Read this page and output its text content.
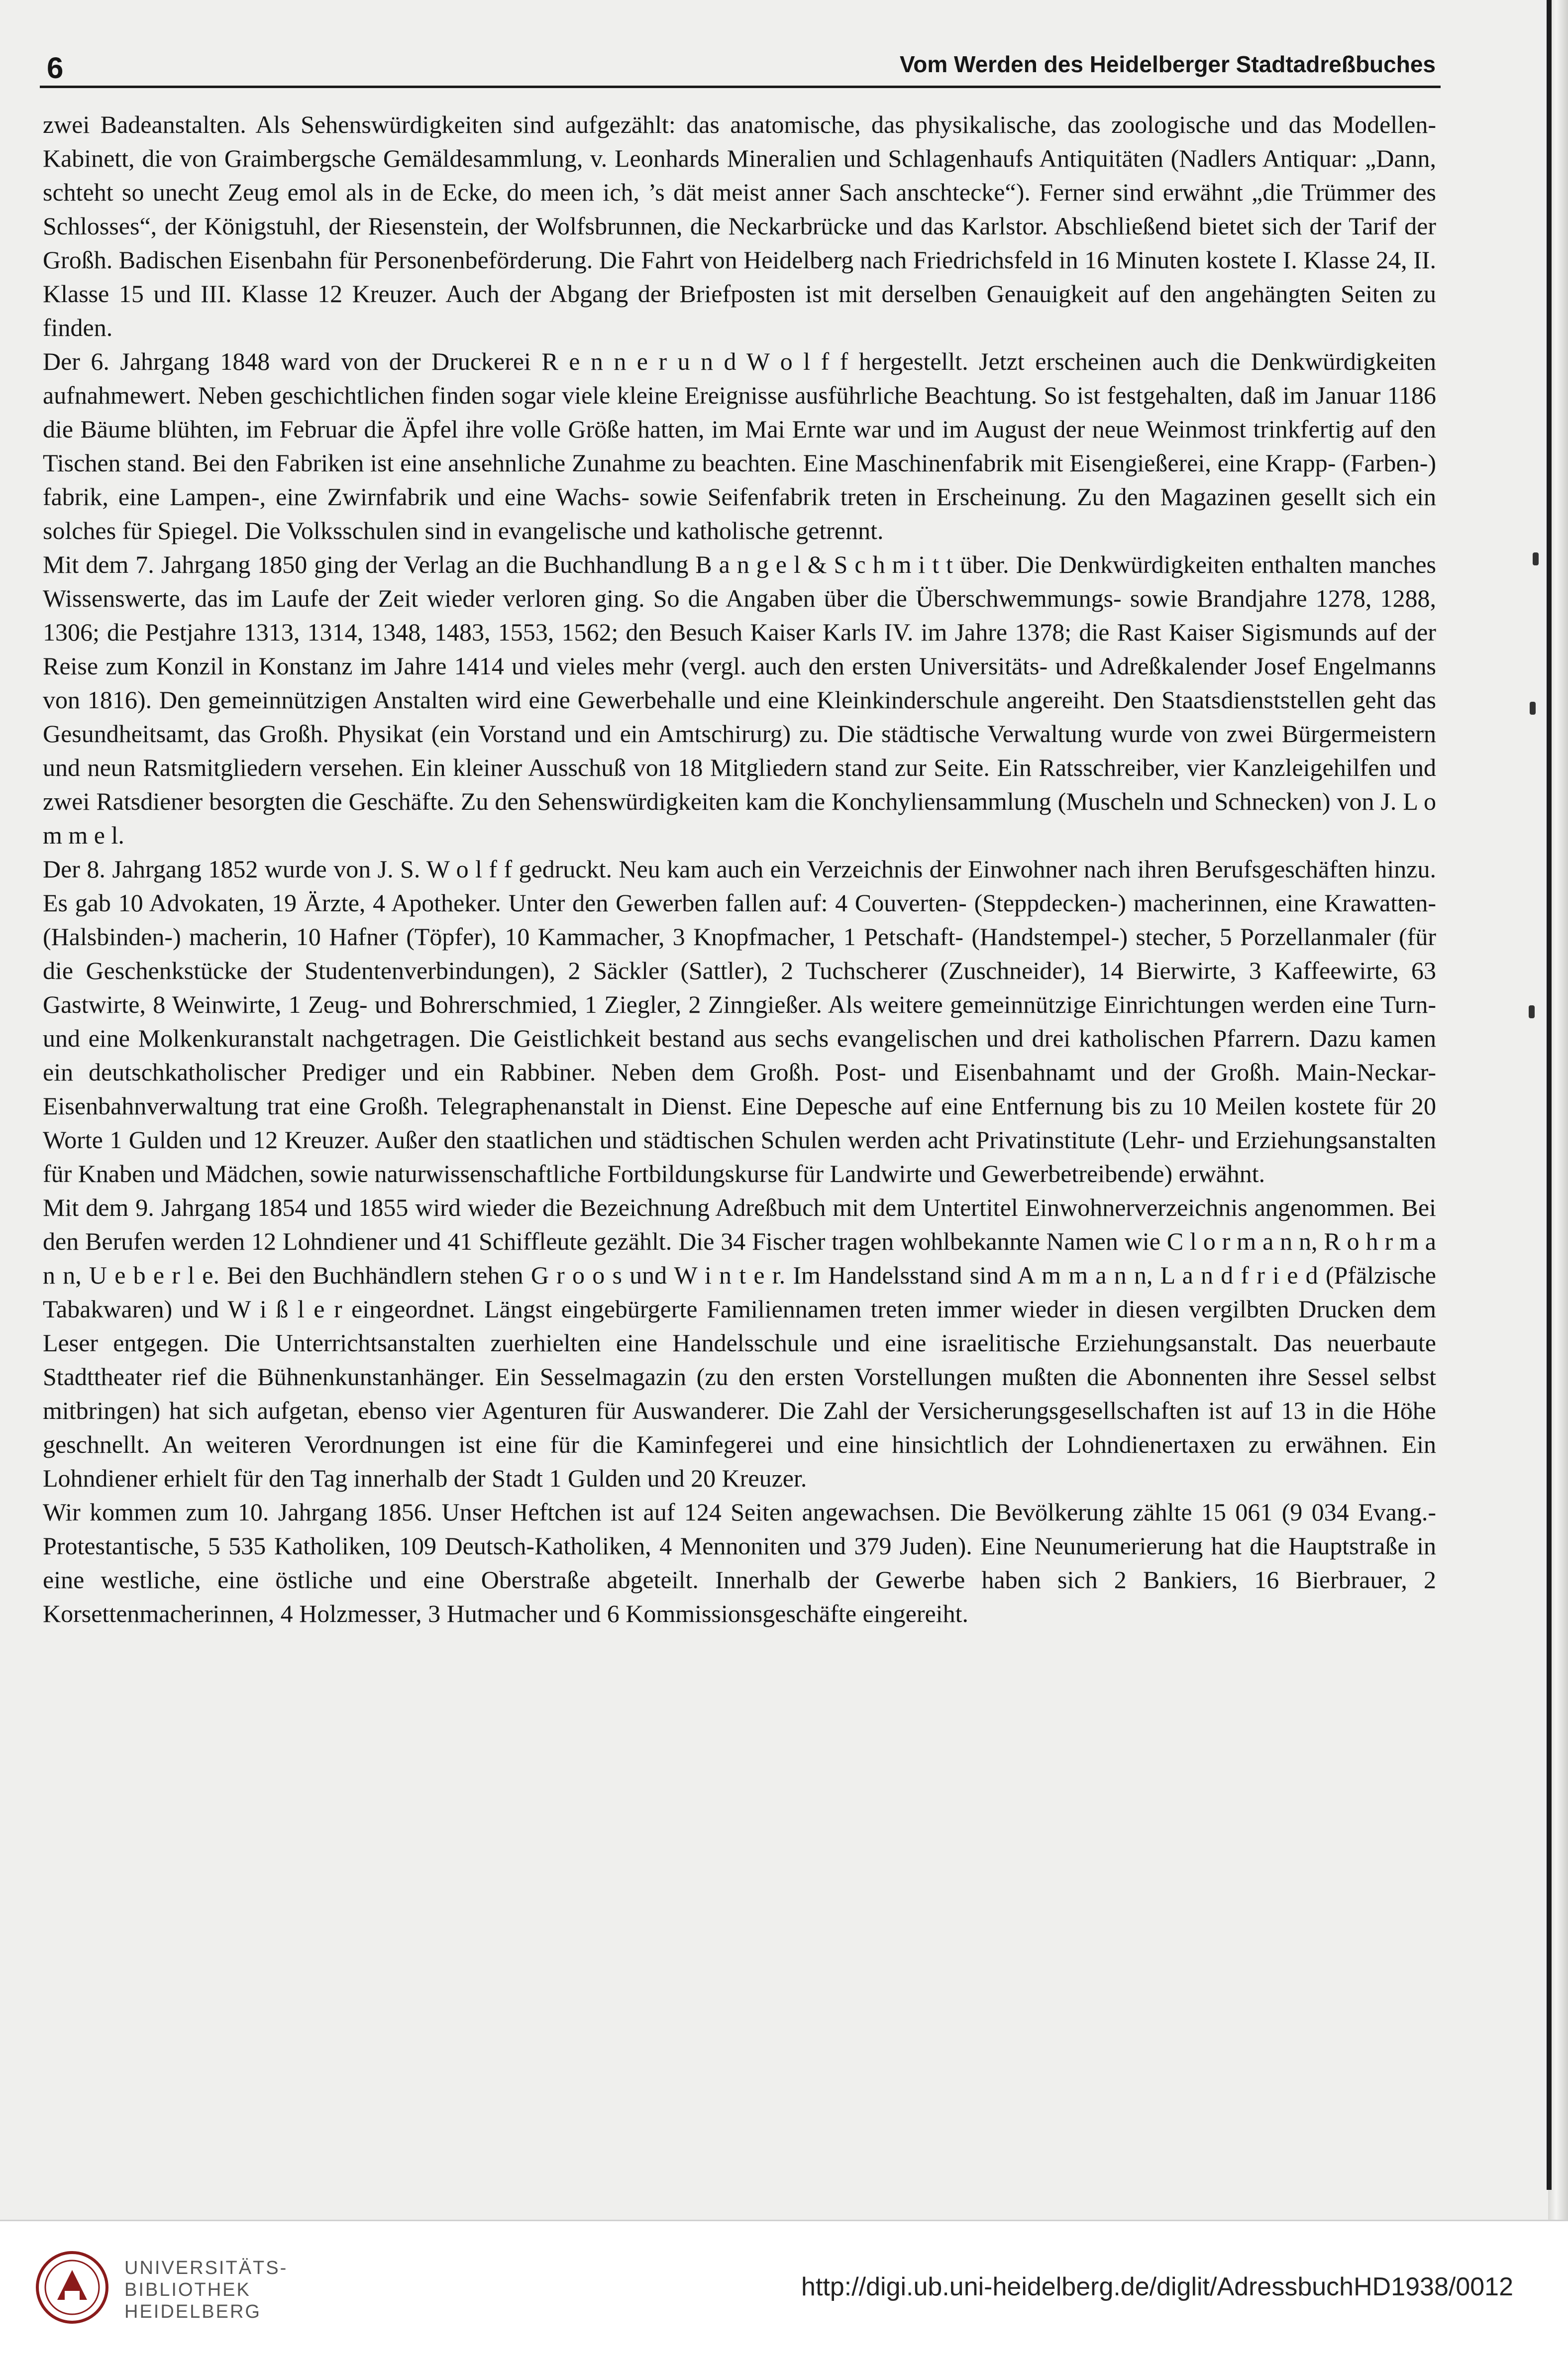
6	Vom Werden des Heidelberger Stadtadreßbuches

zwei Badeanstalten. Als Sehenswürdigkeiten sind aufgezählt: das anatomische, das physikalische, das zoologische und das Modellen-Kabinett, die von Graimbergsche Gemäldesammlung, v. Leonhards Mineralien und Schlagenhaufs Antiquitäten (Nadlers Antiquar: „Dann, schteht so unecht Zeug emol als in de Ecke, do meen ich, ’s dät meist anner Sach anschtecke“). Ferner sind erwähnt „die Trümmer des Schlosses“, der Königstuhl, der Riesenstein, der Wolfsbrunnen, die Neckarbrücke und das Karlstor. Abschließend bietet sich der Tarif der Großh. Badischen Eisenbahn für Personenbeförderung. Die Fahrt von Heidelberg nach Friedrichsfeld in 16 Minuten kostete I. Klasse 24, II. Klasse 15 und III. Klasse 12 Kreuzer. Auch der Abgang der Briefposten ist mit derselben Genauigkeit auf den angehängten Seiten zu finden.

Der 6. Jahrgang 1848 ward von der Druckerei R e n n e r u n d W o l f f hergestellt. Jetzt erscheinen auch die Denkwürdigkeiten aufnahmewert. Neben geschichtlichen finden sogar viele kleine Ereignisse ausführliche Beachtung. So ist festgehalten, daß im Januar 1186 die Bäume blühten, im Februar die Äpfel ihre volle Größe hatten, im Mai Ernte war und im August der neue Weinmost trinkfertig auf den Tischen stand. Bei den Fabriken ist eine ansehnliche Zunahme zu beachten. Eine Maschinenfabrik mit Eisengießerei, eine Krapp- (Farben-) fabrik, eine Lampen-, eine Zwirnfabrik und eine Wachs- sowie Seifenfabrik treten in Erscheinung. Zu den Magazinen gesellt sich ein solches für Spiegel. Die Volksschulen sind in evangelische und katholische getrennt.

Mit dem 7. Jahrgang 1850 ging der Verlag an die Buchhandlung B a n g e l & S c h m i t t über. Die Denkwürdigkeiten enthalten manches Wissenswerte, das im Laufe der Zeit wieder verloren ging. So die Angaben über die Überschwemmungs- sowie Brandjahre 1278, 1288, 1306; die Pestjahre 1313, 1314, 1348, 1483, 1553, 1562; den Besuch Kaiser Karls IV. im Jahre 1378; die Rast Kaiser Sigismunds auf der Reise zum Konzil in Konstanz im Jahre 1414 und vieles mehr (vergl. auch den ersten Universitäts- und Adreßkalender Josef Engelmanns von 1816). Den gemeinnützigen Anstalten wird eine Gewerbehalle und eine Kleinkinderschule angereiht. Den Staatsdienststellen geht das Gesundheitsamt, das Großh. Physikat (ein Vorstand und ein Amtschirurg) zu. Die städtische Verwaltung wurde von zwei Bürgermeistern und neun Ratsmitgliedern versehen. Ein kleiner Ausschuß von 18 Mitgliedern stand zur Seite. Ein Ratsschreiber, vier Kanzleigehilfen und zwei Ratsdiener besorgten die Geschäfte. Zu den Sehenswürdigkeiten kam die Konchyliensammlung (Muscheln und Schnecken) von J. L o m m e l.

Der 8. Jahrgang 1852 wurde von J. S. W o l f f gedruckt. Neu kam auch ein Verzeichnis der Einwohner nach ihren Berufsgeschäften hinzu. Es gab 10 Advokaten, 19 Ärzte, 4 Apotheker. Unter den Gewerben fallen auf: 4 Couverten- (Steppdecken-) macherinnen, eine Krawatten- (Halsbinden-) macherin, 10 Hafner (Töpfer), 10 Kammacher, 3 Knopfmacher, 1 Petschaft- (Handstempel-) stecher, 5 Porzellanmaler (für die Geschenkstücke der Studentenverbindungen), 2 Säckler (Sattler), 2 Tuchscherer (Zuschneider), 14 Bierwirte, 3 Kaffeewirte, 63 Gastwirte, 8 Weinwirte, 1 Zeug- und Bohrerschmied, 1 Ziegler, 2 Zinngießer. Als weitere gemeinnützige Einrichtungen werden eine Turn- und eine Molkenkuranstalt nachgetragen. Die Geistlichkeit bestand aus sechs evangelischen und drei katholischen Pfarrern. Dazu kamen ein deutschkatholischer Prediger und ein Rabbiner. Neben dem Großh. Post- und Eisenbahnamt und der Großh. Main-Neckar-Eisenbahnverwaltung trat eine Großh. Telegraphenanstalt in Dienst. Eine Depesche auf eine Entfernung bis zu 10 Meilen kostete für 20 Worte 1 Gulden und 12 Kreuzer. Außer den staatlichen und städtischen Schulen werden acht Privatinstitute (Lehr- und Erziehungsanstalten für Knaben und Mädchen, sowie naturwissenschaftliche Fortbildungskurse für Landwirte und Gewerbetreibende) erwähnt.

Mit dem 9. Jahrgang 1854 und 1855 wird wieder die Bezeichnung Adreßbuch mit dem Untertitel Einwohnerverzeichnis angenommen. Bei den Berufen werden 12 Lohndiener und 41 Schiffleute gezählt. Die 34 Fischer tragen wohlbekannte Namen wie C l o r m a n n, R o h r m a n n, U e b e r l e. Bei den Buchhändlern stehen G r o o s und W i n t e r. Im Handelsstand sind A m m a n n, L a n d f r i e d (Pfälzische Tabakwaren) und W i ß l e r eingeordnet. Längst eingebürgerte Familiennamen treten immer wieder in diesen vergilbten Drucken dem Leser entgegen. Die Unterrichtsanstalten zuerhielten eine Handelsschule und eine israelitische Erziehungsanstalt. Das neuerbaute Stadttheater rief die Bühnenkunstanhänger. Ein Sesselmagazin (zu den ersten Vorstellungen mußten die Abonnenten ihre Sessel selbst mitbringen) hat sich aufgetan, ebenso vier Agenturen für Auswanderer. Die Zahl der Versicherungsgesellschaften ist auf 13 in die Höhe geschnellt. An weiteren Verordnungen ist eine für die Kaminfegerei und eine hinsichtlich der Lohndienertaxen zu erwähnen. Ein Lohndiener erhielt für den Tag innerhalb der Stadt 1 Gulden und 20 Kreuzer.

Wir kommen zum 10. Jahrgang 1856. Unser Heftchen ist auf 124 Seiten angewachsen. Die Bevölkerung zählte 15 061 (9 034 Evang.-Protestantische, 5 535 Katholiken, 109 Deutsch-Katholiken, 4 Mennoniten und 379 Juden). Eine Neunumerierung hat die Hauptstraße in eine westliche, eine östliche und eine Oberstraße abgeteilt. Innerhalb der Gewerbe haben sich 2 Bankiers, 16 Bierbrauer, 2 Korsettenmacherinnen, 4 Holzmesser, 3 Hutmacher und 6 Kommissionsgeschäfte eingereiht.

UNIVERSITÄTS-
BIBLIOTHEK
HEIDELBERG
http://digi.ub.uni-heidelberg.de/diglit/AdressbuchHD1938/0012
